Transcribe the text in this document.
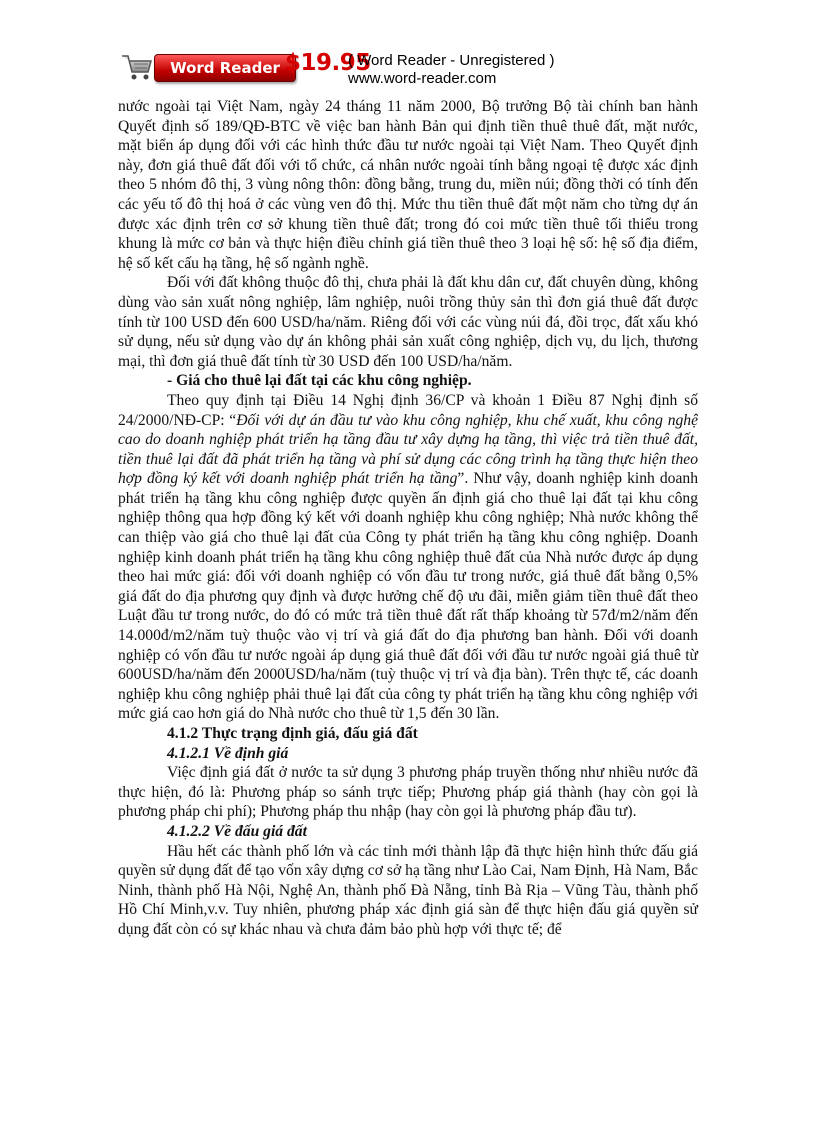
Word Reader $19.95
( Word Reader - Unregistered )
www.word-reader.com

nước ngoài tại Việt Nam, ngày 24 tháng 11 năm 2000, Bộ trưởng Bộ tài chính ban hành Quyết định số 189/QĐ-BTC về việc ban hành Bản qui định tiền thuê thuê đất, mặt nước, mặt biển áp dụng đối với các hình thức đầu tư nước ngoài tại Việt Nam. Theo Quyết định này, đơn giá thuê đất đối với tổ chức, cá nhân nước ngoài tính bằng ngoại tệ được xác định theo 5 nhóm đô thị, 3 vùng nông thôn: đồng bằng, trung du, miền núi; đồng thời có tính đến các yếu tố đô thị hoá ở các vùng ven đô thị. Mức thu tiền thuê đất một năm cho từng dự án được xác định trên cơ sở khung tiền thuê đất; trong đó coi mức tiền thuê tối thiểu trong khung là mức cơ bản và thực hiện điều chỉnh giá tiền thuê theo 3 loại hệ số: hệ số địa điểm, hệ số kết cấu hạ tầng, hệ số ngành nghề.

Đối với đất không thuộc đô thị, chưa phải là đất khu dân cư, đất chuyên dùng, không dùng vào sản xuất nông nghiệp, lâm nghiệp, nuôi trồng thủy sản thì đơn giá thuê đất được tính từ 100 USD đến 600 USD/ha/năm. Riêng đối với các vùng núi đá, đồi trọc, đất xấu khó sử dụng, nếu sử dụng vào dự án không phải sản xuất công nghiệp, dịch vụ, du lịch, thương mại, thì đơn giá thuê đất tính từ 30 USD đến 100 USD/ha/năm.

- Giá cho thuê lại đất tại các khu công nghiệp.

Theo quy định tại Điều 14 Nghị định 36/CP và khoản 1 Điều 87 Nghị định số 24/2000/NĐ-CP: “Đối với dự án đầu tư vào khu công nghiệp, khu chế xuất, khu công nghệ cao do doanh nghiệp phát triển hạ tầng đầu tư xây dựng hạ tầng, thì việc trả tiền thuê đất, tiền thuê lại đất đã phát triển hạ tầng và phí sử dụng các công trình hạ tầng thực hiện theo hợp đồng ký kết với doanh nghiệp phát triển hạ tầng”. Như vậy, doanh nghiệp kinh doanh phát triển hạ tầng khu công nghiệp được quyền ấn định giá cho thuê lại đất tại khu công nghiệp thông qua hợp đồng ký kết với doanh nghiệp khu công nghiệp; Nhà nước không thể can thiệp vào giá cho thuê lại đất của Công ty phát triển hạ tầng khu công nghiệp. Doanh nghiệp kinh doanh phát triển hạ tầng khu công nghiệp thuê đất của Nhà nước được áp dụng theo hai mức giá: đối với doanh nghiệp có vốn đầu tư trong nước, giá thuê đất bằng 0,5% giá đất do địa phương quy định và được hưởng chế độ ưu đãi, miễn giảm tiền thuê đất theo Luật đầu tư trong nước, do đó có mức trả tiền thuê đất rất thấp khoảng từ 57đ/m2/năm đến 14.000đ/m2/năm tuỳ thuộc vào vị trí và giá đất do địa phương ban hành. Đối với doanh nghiệp có vốn đầu tư nước ngoài áp dụng giá thuê đất đối với đầu tư nước ngoài giá thuê từ 600USD/ha/năm đến 2000USD/ha/năm (tuỳ thuộc vị trí và địa bàn). Trên thực tế, các doanh nghiệp khu công nghiệp phải thuê lại đất của công ty phát triển hạ tầng khu công nghiệp với mức giá cao hơn giá do Nhà nước cho thuê từ 1,5 đến 30 lần.

4.1.2 Thực trạng định giá, đấu giá đất

4.1.2.1 Về định giá

Việc định giá đất ở nước ta sử dụng 3 phương pháp truyền thống như nhiều nước đã thực hiện, đó là: Phương pháp so sánh trực tiếp; Phương pháp giá thành (hay còn gọi là phương pháp chi phí); Phương pháp thu nhập (hay còn gọi là phương pháp đầu tư).

4.1.2.2 Về đấu giá đất

Hầu hết các thành phố lớn và các tỉnh mới thành lập đã thực hiện hình thức đấu giá quyền sử dụng đất để tạo vốn xây dựng cơ sở hạ tầng như Lào Cai, Nam Định, Hà Nam, Bắc Ninh, thành phố Hà Nội, Nghệ An, thành phố Đà Nẵng, tỉnh Bà Rịa – Vũng Tàu, thành phố Hồ Chí Minh,v.v. Tuy nhiên, phương pháp xác định giá sàn để thực hiện đấu giá quyền sử dụng đất còn có sự khác nhau và chưa đảm bảo phù hợp với thực tế; để
